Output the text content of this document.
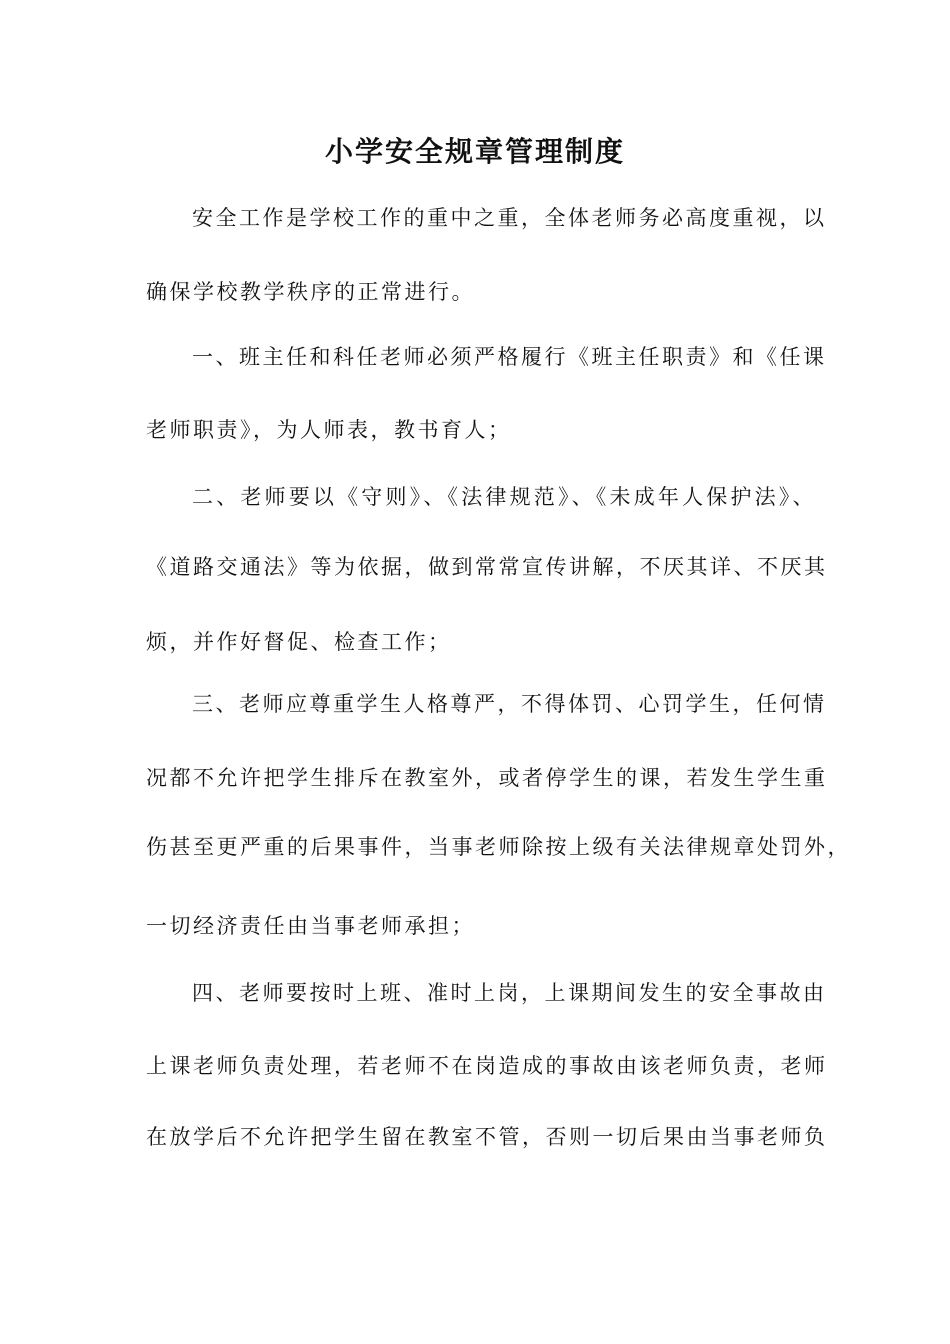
小学安全规章管理制度
安全工作是学校工作的重中之重，全体老师务必高度重视，以
确保学校教学秩序的正常进行。
一、班主任和科任老师必须严格履行《班主任职责》和《任课
老师职责》，为人师表，教书育人；
二、老师要以《守则》、《法律规范》、《未成年人保护法》、
《道路交通法》等为依据，做到常常宣传讲解，不厌其详、不厌其
烦，并作好督促、检查工作；
三、老师应尊重学生人格尊严，不得体罚、心罚学生，任何情
况都不允许把学生排斥在教室外，或者停学生的课，若发生学生重
伤甚至更严重的后果事件，当事老师除按上级有关法律规章处罚外，
一切经济责任由当事老师承担；
四、老师要按时上班、准时上岗，上课期间发生的安全事故由
上课老师负责处理，若老师不在岗造成的事故由该老师负责，老师
在放学后不允许把学生留在教室不管，否则一切后果由当事老师负
